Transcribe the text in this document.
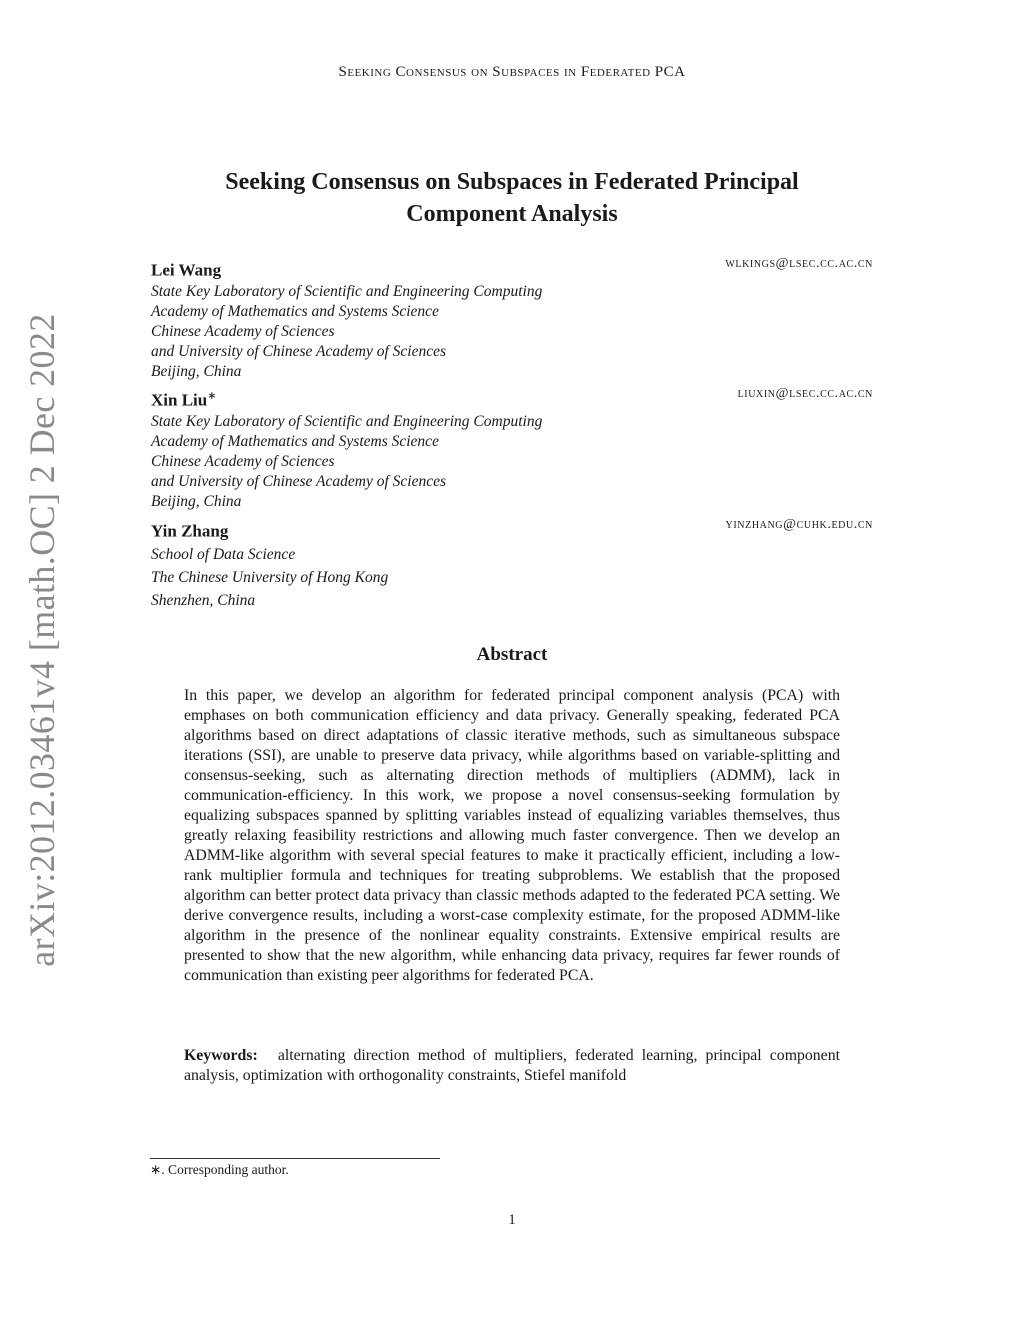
Seeking Consensus on Subspaces in Federated PCA
Seeking Consensus on Subspaces in Federated Principal
Component Analysis
Lei Wang	wlkings@lsec.cc.ac.cn
State Key Laboratory of Scientific and Engineering Computing
Academy of Mathematics and Systems Science
Chinese Academy of Sciences
and University of Chinese Academy of Sciences
Beijing, China
Xin Liu∗	liuxin@lsec.cc.ac.cn
State Key Laboratory of Scientific and Engineering Computing
Academy of Mathematics and Systems Science
Chinese Academy of Sciences
and University of Chinese Academy of Sciences
Beijing, China
Yin Zhang	yinzhang@cuhk.edu.cn
School of Data Science
The Chinese University of Hong Kong
Shenzhen, China
Abstract
In this paper, we develop an algorithm for federated principal component analysis (PCA) with emphases on both communication efficiency and data privacy. Generally speaking, federated PCA algorithms based on direct adaptations of classic iterative methods, such as simultaneous subspace iterations (SSI), are unable to preserve data privacy, while algorithms based on variable-splitting and consensus-seeking, such as alternating direction methods of multipliers (ADMM), lack in communication-efficiency. In this work, we propose a novel consensus-seeking formulation by equalizing subspaces spanned by splitting variables instead of equalizing variables themselves, thus greatly relaxing feasibility restrictions and allowing much faster convergence. Then we develop an ADMM-like algorithm with several special features to make it practically efficient, including a low-rank multiplier formula and techniques for treating subproblems. We establish that the proposed algorithm can better protect data privacy than classic methods adapted to the federated PCA setting. We derive convergence results, including a worst-case complexity estimate, for the proposed ADMM-like algorithm in the presence of the nonlinear equality constraints. Extensive empirical results are presented to show that the new algorithm, while enhancing data privacy, requires far fewer rounds of communication than existing peer algorithms for federated PCA.
Keywords: alternating direction method of multipliers, federated learning, principal component analysis, optimization with orthogonality constraints, Stiefel manifold
∗. Corresponding author.
1
arXiv:2012.03461v4 [math.OC] 2 Dec 2022
